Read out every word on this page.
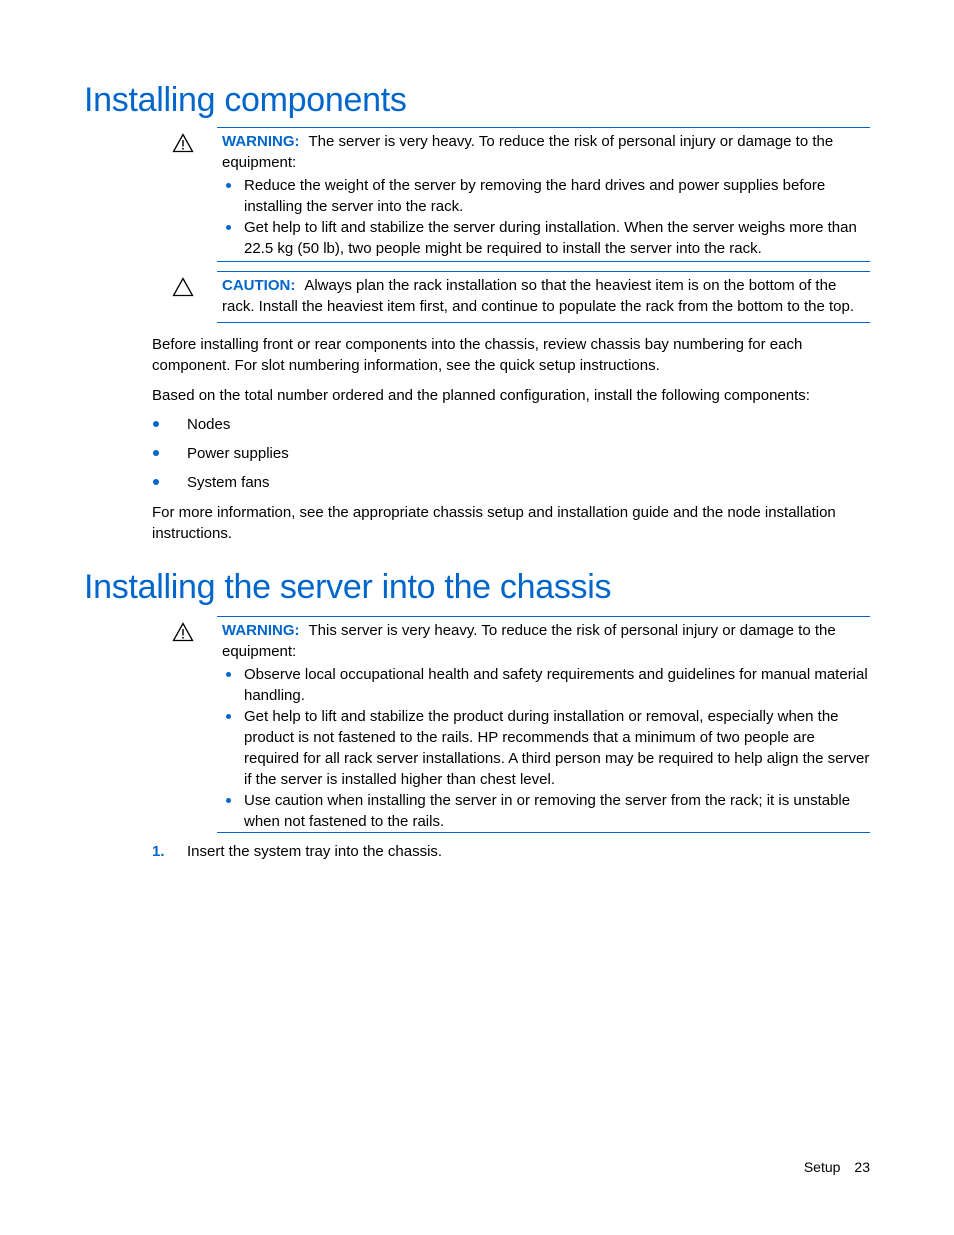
Installing components

WARNING: The server is very heavy. To reduce the risk of personal injury or damage to the equipment:

Reduce the weight of the server by removing the hard drives and power supplies before installing the server into the rack.
Get help to lift and stabilize the server during installation. When the server weighs more than 22.5 kg (50 lb), two people might be required to install the server into the rack.

CAUTION: Always plan the rack installation so that the heaviest item is on the bottom of the rack. Install the heaviest item first, and continue to populate the rack from the bottom to the top.

Before installing front or rear components into the chassis, review chassis bay numbering for each component. For slot numbering information, see the quick setup instructions.

Based on the total number ordered and the planned configuration, install the following components:

Nodes
Power supplies
System fans

For more information, see the appropriate chassis setup and installation guide and the node installation instructions.

Installing the server into the chassis

WARNING: This server is very heavy. To reduce the risk of personal injury or damage to the equipment:

Observe local occupational health and safety requirements and guidelines for manual material handling.
Get help to lift and stabilize the product during installation or removal, especially when the product is not fastened to the rails. HP recommends that a minimum of two people are required for all rack server installations. A third person may be required to help align the server if the server is installed higher than chest level.
Use caution when installing the server in or removing the server from the rack; it is unstable when not fastened to the rails.
1. Insert the system tray into the chassis.
Setup 23
